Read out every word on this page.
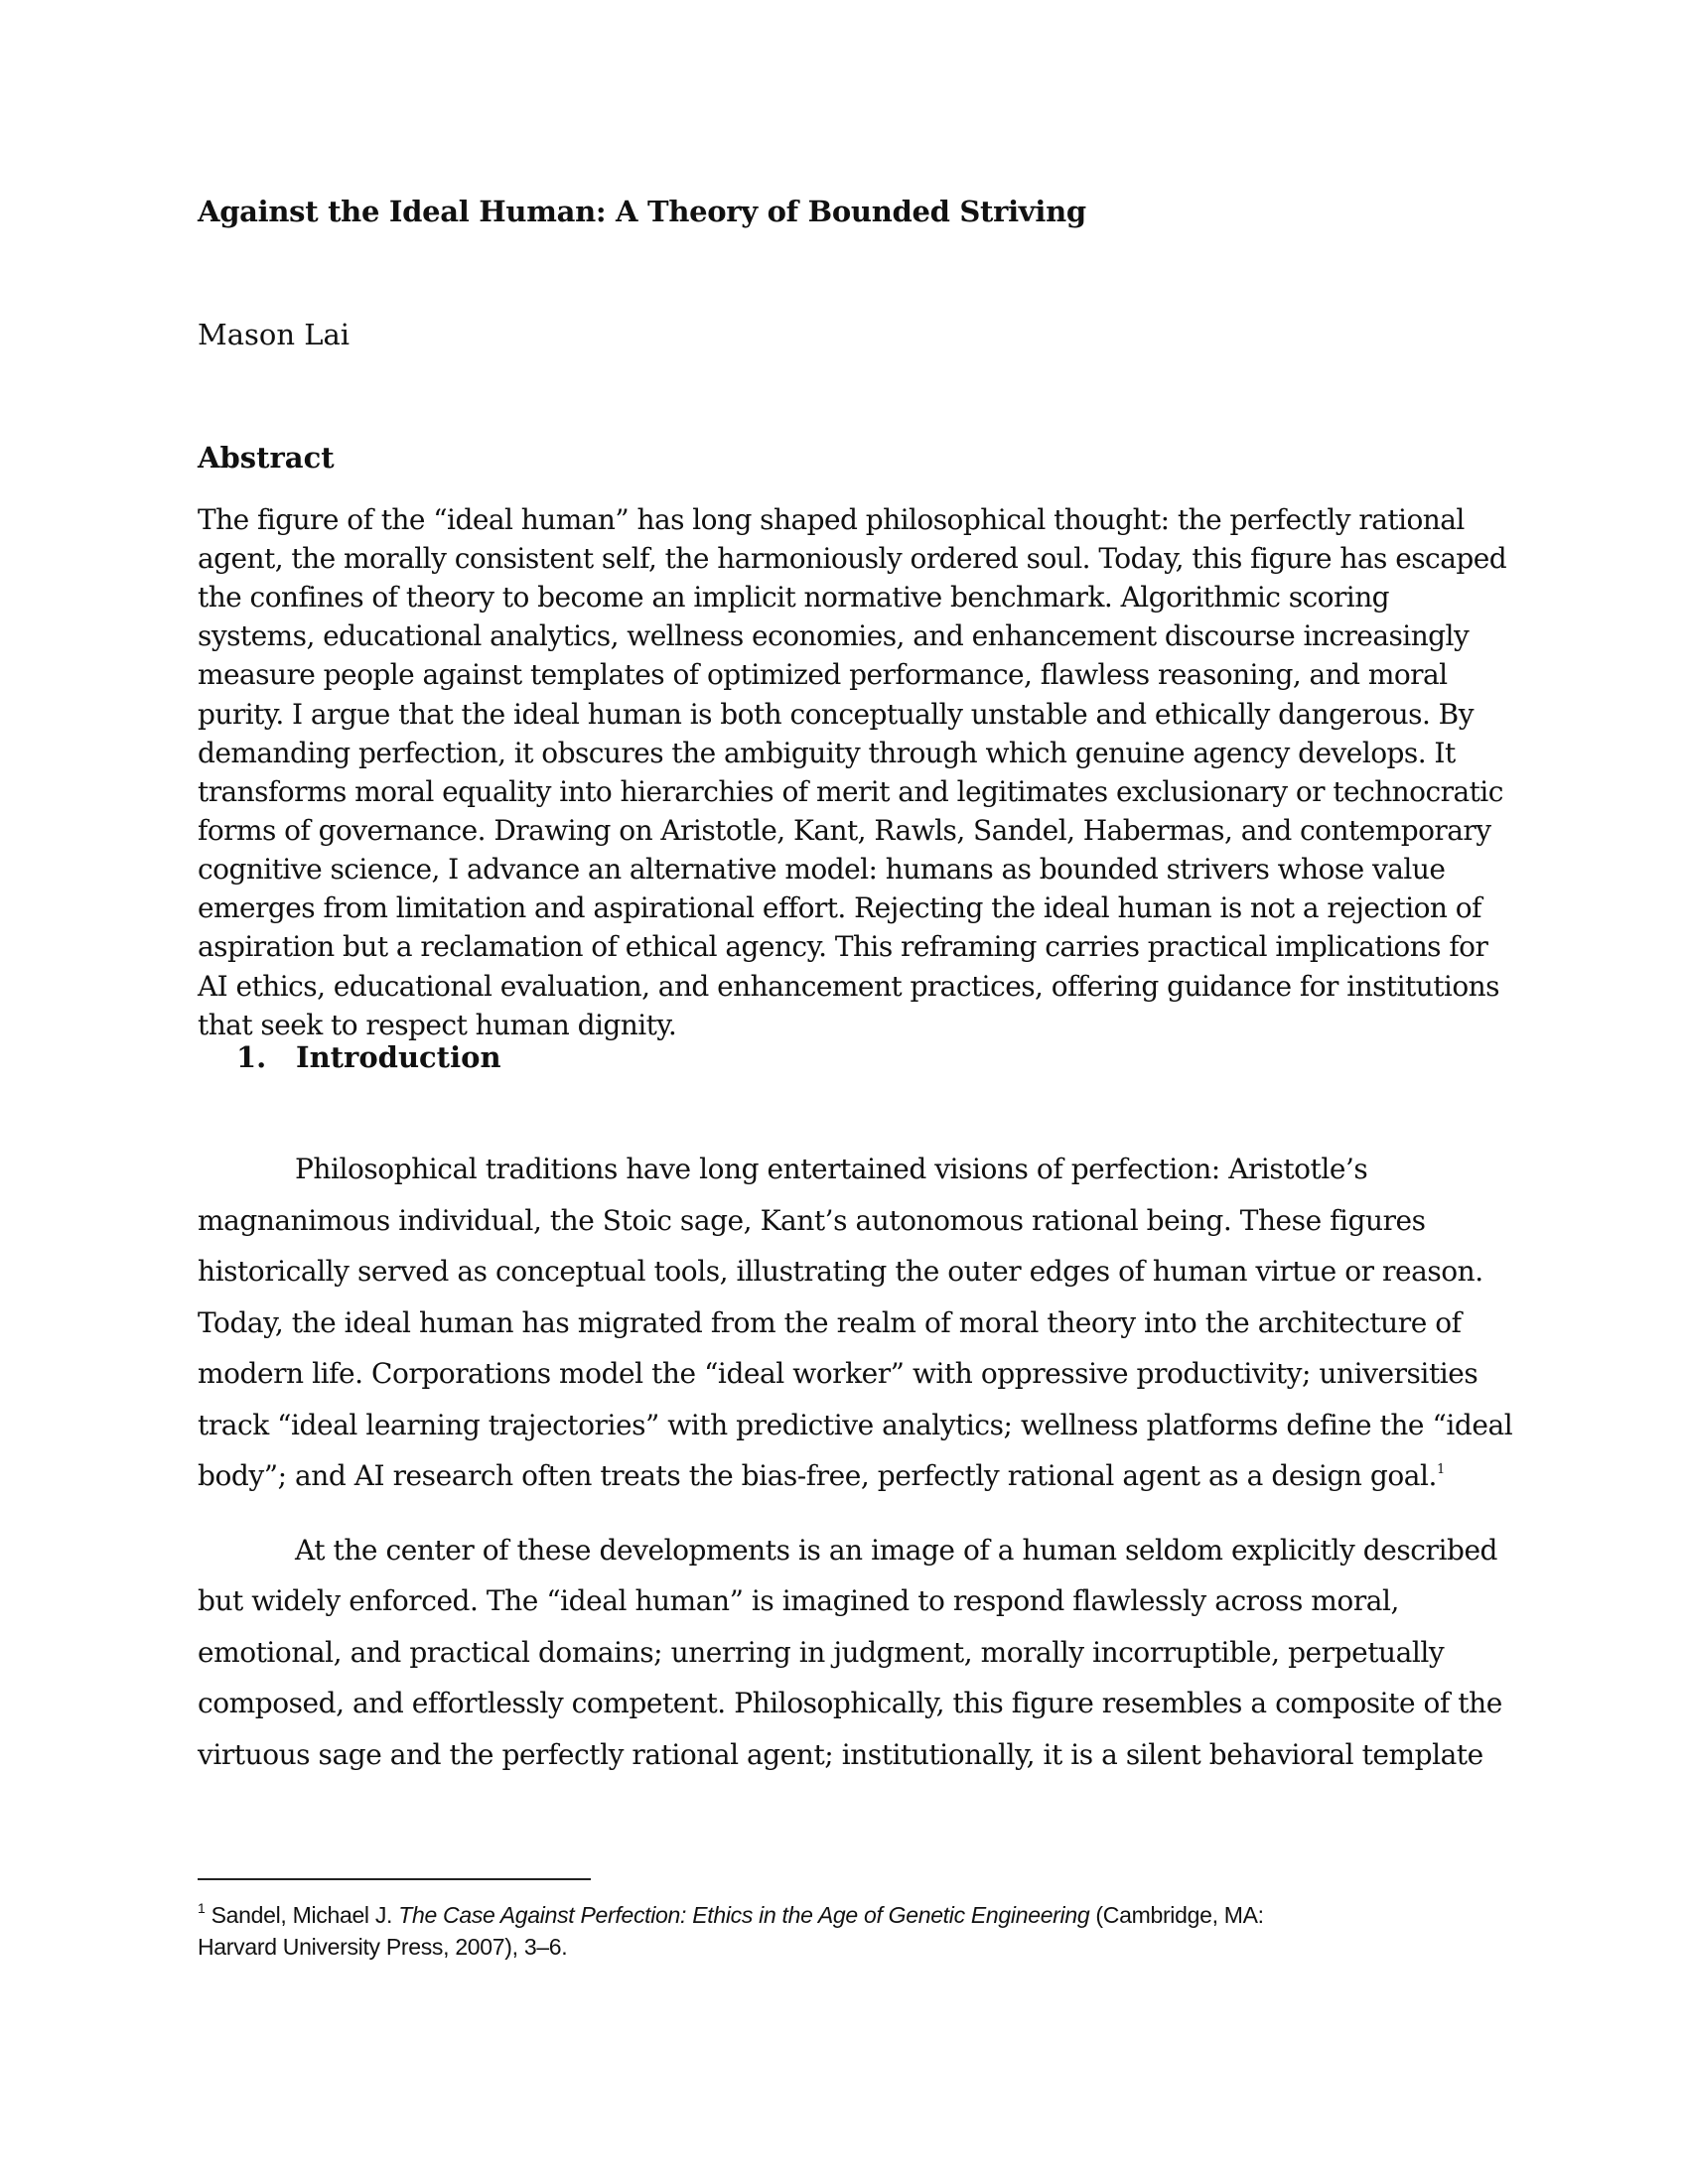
Against the Ideal Human: A Theory of Bounded Striving
Mason Lai
Abstract
The figure of the “ideal human” has long shaped philosophical thought: the perfectly rational
agent, the morally consistent self, the harmoniously ordered soul. Today, this figure has escaped
the confines of theory to become an implicit normative benchmark. Algorithmic scoring
systems, educational analytics, wellness economies, and enhancement discourse increasingly
measure people against templates of optimized performance, flawless reasoning, and moral
purity. I argue that the ideal human is both conceptually unstable and ethically dangerous. By
demanding perfection, it obscures the ambiguity through which genuine agency develops. It
transforms moral equality into hierarchies of merit and legitimates exclusionary or technocratic
forms of governance. Drawing on Aristotle, Kant, Rawls, Sandel, Habermas, and contemporary
cognitive science, I advance an alternative model: humans as bounded strivers whose value
emerges from limitation and aspirational effort. Rejecting the ideal human is not a rejection of
aspiration but a reclamation of ethical agency. This reframing carries practical implications for
AI ethics, educational evaluation, and enhancement practices, offering guidance for institutions
that seek to respect human dignity.
1. Introduction
Philosophical traditions have long entertained visions of perfection: Aristotle’s
magnanimous individual, the Stoic sage, Kant’s autonomous rational being. These figures
historically served as conceptual tools, illustrating the outer edges of human virtue or reason.
Today, the ideal human has migrated from the realm of moral theory into the architecture of
modern life. Corporations model the “ideal worker” with oppressive productivity; universities
track “ideal learning trajectories” with predictive analytics; wellness platforms define the “ideal
body”; and AI research often treats the bias-free, perfectly rational agent as a design goal.$^1$
At the center of these developments is an image of a human seldom explicitly described
but widely enforced. The “ideal human” is imagined to respond flawlessly across moral,
emotional, and practical domains; unerring in judgment, morally incorruptible, perpetually
composed, and effortlessly competent. Philosophically, this figure resembles a composite of the
virtuous sage and the perfectly rational agent; institutionally, it is a silent behavioral template
$^1$ Sandel, Michael J. The Case Against Perfection: Ethics in the Age of Genetic Engineering (Cambridge, MA:
Harvard University Press, 2007), 3–6.
